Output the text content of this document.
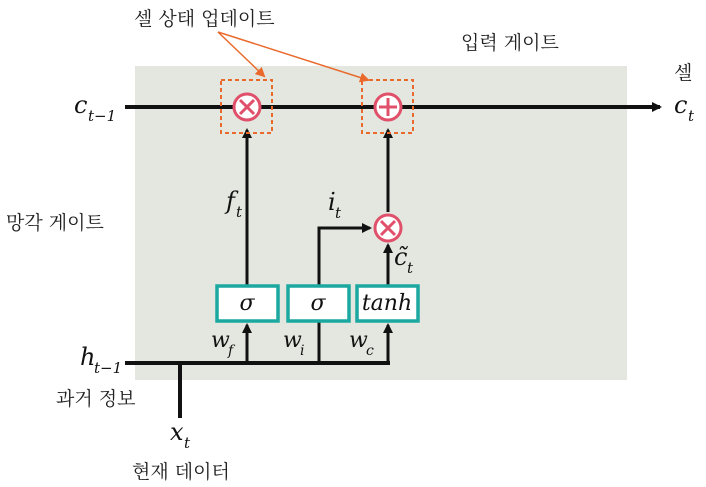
σ	σ tanh
셀 상태 업데이트
입력 게이트
셀
망각 게이트
과거 정보
현재 데이터
c t−1	c t
h
t−1
x t
f t	i t
c̃ t
w
f w
i w
c
